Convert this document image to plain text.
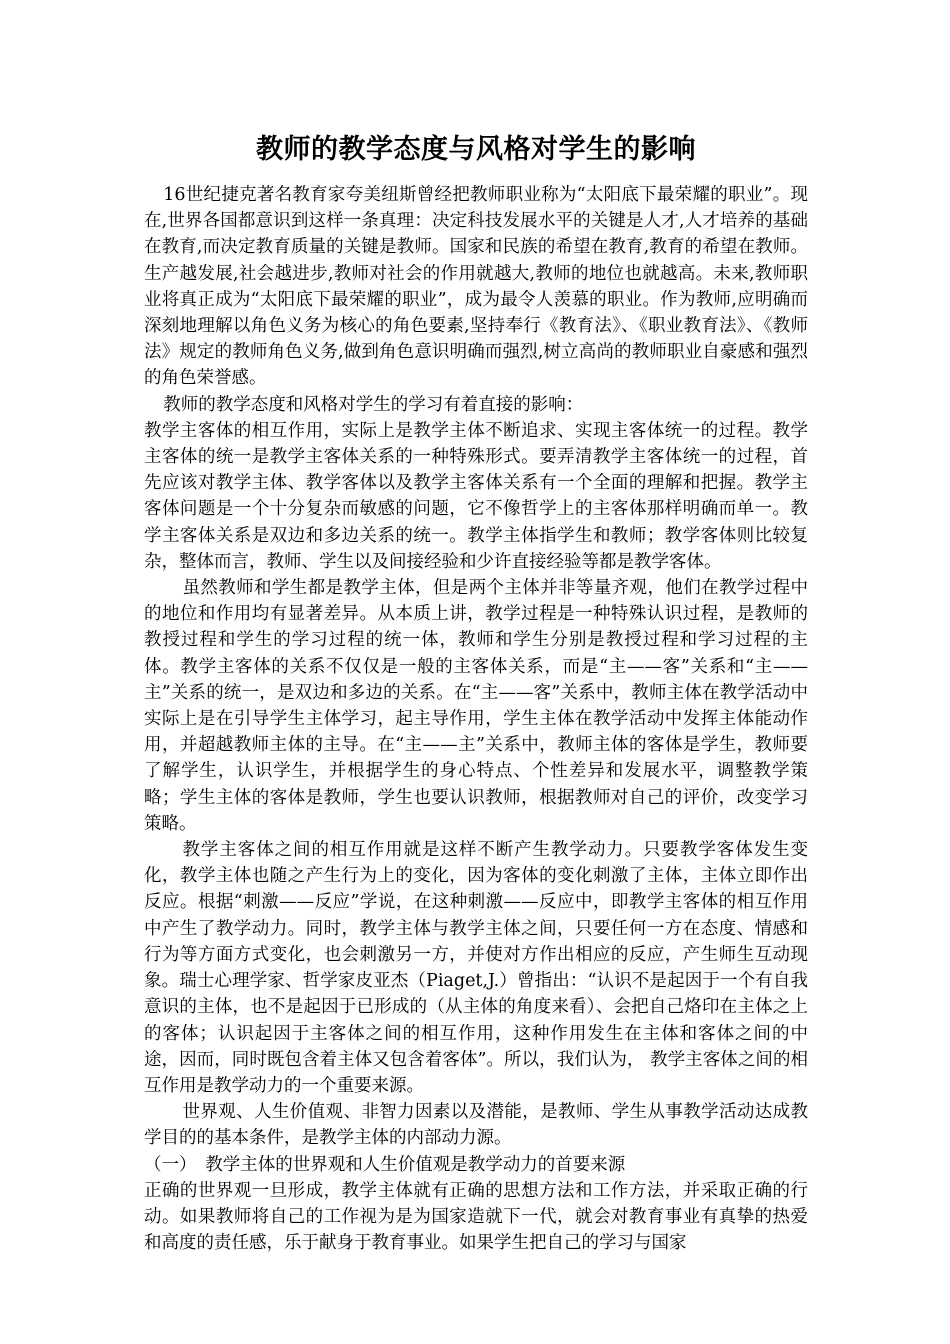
教师的教学态度与风格对学生的影响

16世纪捷克著名教育家夸美纽斯曾经把教师职业称为“太阳底下最荣耀的职业”。现在,世界各国都意识到这样一条真理：决定科技发展水平的关键是人才,人才培养的基础在教育,而决定教育质量的关键是教师。国家和民族的希望在教育,教育的希望在教师。生产越发展,社会越进步,教师对社会的作用就越大,教师的地位也就越高。未来,教师职业将真正成为“太阳底下最荣耀的职业”，成为最令人羡慕的职业。作为教师,应明确而深刻地理解以角色义务为核心的角色要素,坚持奉行《教育法》、《职业教育法》、《教师法》规定的教师角色义务,做到角色意识明确而强烈,树立高尚的教师职业自豪感和强烈的角色荣誉感。

教师的教学态度和风格对学生的学习有着直接的影响：

教学主客体的相互作用，实际上是教学主体不断追求、实现主客体统一的过程。教学主客体的统一是教学主客体关系的一种特殊形式。要弄清教学主客体统一的过程，首先应该对教学主体、教学客体以及教学主客体关系有一个全面的理解和把握。教学主客体问题是一个十分复杂而敏感的问题，它不像哲学上的主客体那样明确而单一。教学主客体关系是双边和多边关系的统一。教学主体指学生和教师；教学客体则比较复杂，整体而言，教师、学生以及间接经验和少许直接经验等都是教学客体。

虽然教师和学生都是教学主体，但是两个主体并非等量齐观，他们在教学过程中的地位和作用均有显著差异。从本质上讲，教学过程是一种特殊认识过程，是教师的教授过程和学生的学习过程的统一体，教师和学生分别是教授过程和学习过程的主体。教学主客体的关系不仅仅是一般的主客体关系，而是“主——客”关系和“主——主”关系的统一，是双边和多边的关系。在“主——客”关系中，教师主体在教学活动中实际上是在引导学生主体学习，起主导作用，学生主体在教学活动中发挥主体能动作用，并超越教师主体的主导。在“主——主”关系中，教师主体的客体是学生，教师要了解学生，认识学生，并根据学生的身心特点、个性差异和发展水平，调整教学策略；学生主体的客体是教师，学生也要认识教师，根据教师对自己的评价，改变学习策略。

教学主客体之间的相互作用就是这样不断产生教学动力。只要教学客体发生变化，教学主体也随之产生行为上的变化，因为客体的变化刺激了主体，主体立即作出反应。根据“刺激——反应”学说，在这种刺激——反应中，即教学主客体的相互作用中产生了教学动力。同时，教学主体与教学主体之间，只要任何一方在态度、情感和行为等方面方式变化，也会刺激另一方，并使对方作出相应的反应，产生师生互动现象。瑞士心理学家、哲学家皮亚杰（Piaget,J.）曾指出：“认识不是起因于一个有自我意识的主体，也不是起因于已形成的（从主体的角度来看）、会把自己烙印在主体之上的客体；认识起因于主客体之间的相互作用，这种作用发生在主体和客体之间的中途，因而，同时既包含着主体又包含着客体”。所以，我们认为， 教学主客体之间的相互作用是教学动力的一个重要来源。

世界观、人生价值观、非智力因素以及潜能，是教师、学生从事教学活动达成教学目的的基本条件，是教学主体的内部动力源。

（一）　教学主体的世界观和人生价值观是教学动力的首要来源

正确的世界观一旦形成，教学主体就有正确的思想方法和工作方法，并采取正确的行动。如果教师将自己的工作视为是为国家造就下一代，就会对教育事业有真挚的热爱和高度的责任感，乐于献身于教育事业。如果学生把自己的学习与国家
